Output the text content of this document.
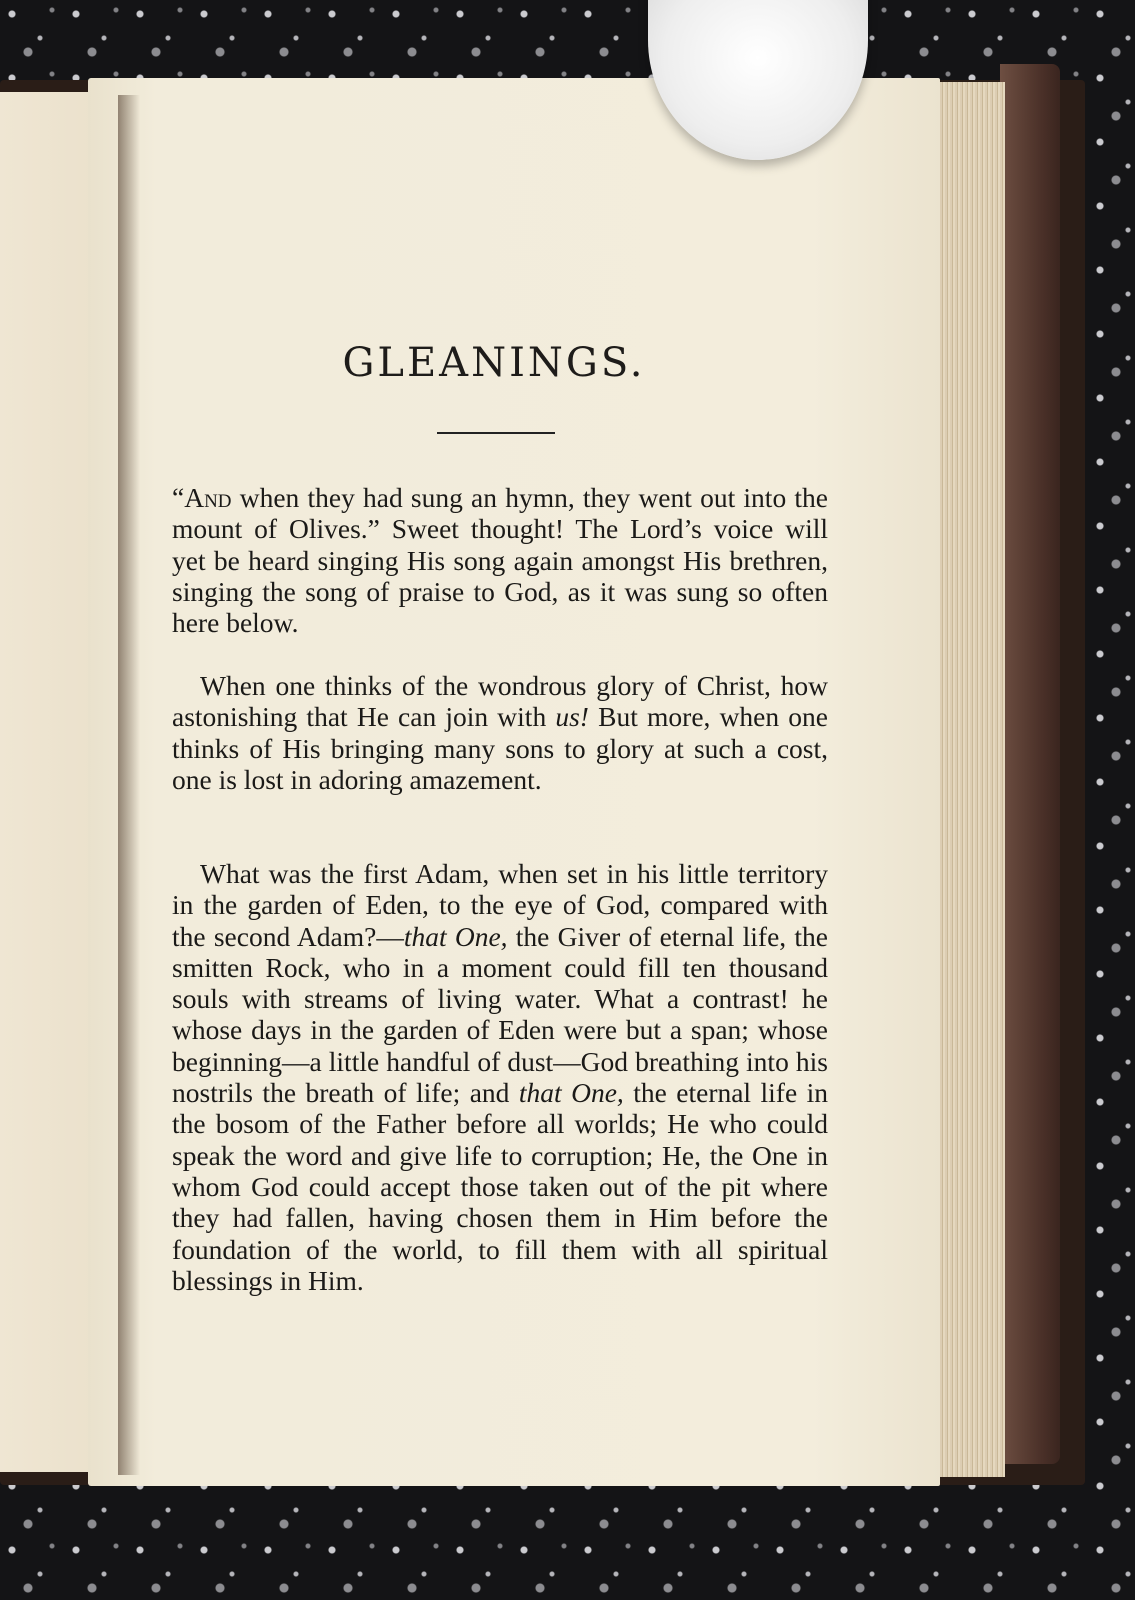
GLEANINGS.

“And when they had sung an hymn, they went out into the mount of Olives.” Sweet thought! The Lord’s voice will yet be heard singing His song again amongst His brethren, singing the song of praise to God, as it was sung so often here below.

When one thinks of the wondrous glory of Christ, how astonishing that He can join with us! But more, when one thinks of His bringing many sons to glory at such a cost, one is lost in adoring amazement.

What was the first Adam, when set in his little territory in the garden of Eden, to the eye of God, compared with the second Adam?—that One, the Giver of eternal life, the smitten Rock, who in a moment could fill ten thousand souls with streams of living water. What a contrast! he whose days in the garden of Eden were but a span; whose beginning—a little handful of dust—God breathing into his nostrils the breath of life; and that One, the eternal life in the bosom of the Father before all worlds; He who could speak the word and give life to corruption; He, the One in whom God could accept those taken out of the pit where they had fallen, having chosen them in Him before the foundation of the world, to fill them with all spiritual blessings in Him.
